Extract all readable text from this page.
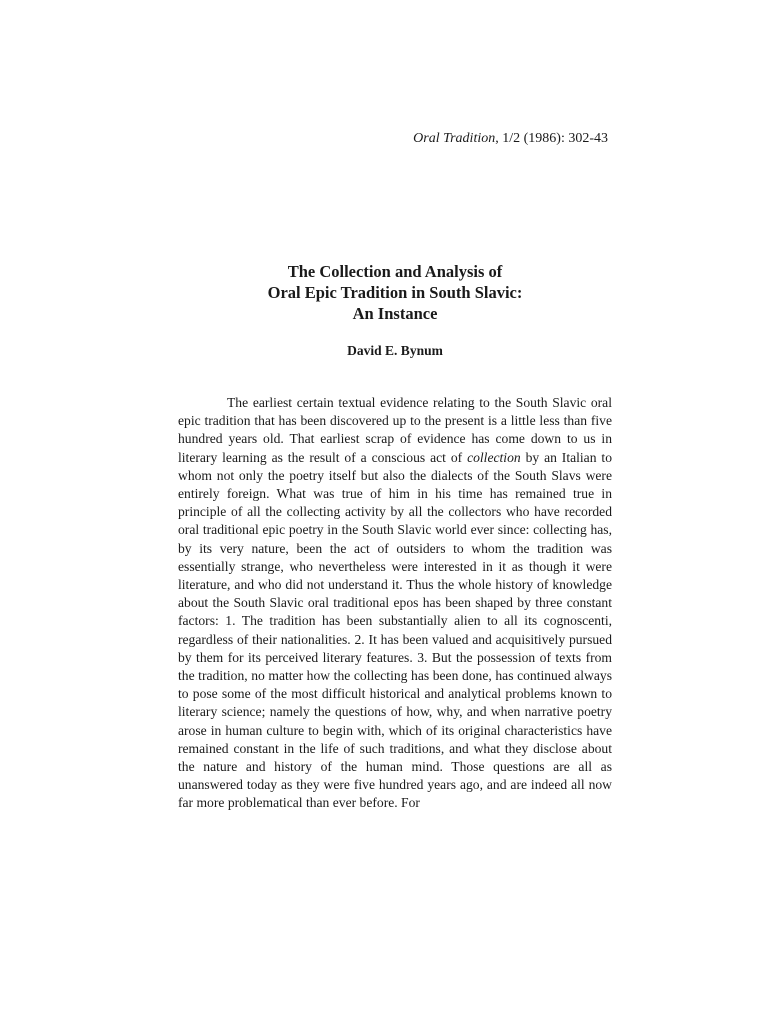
Oral Tradition, 1/2 (1986): 302-43
The Collection and Analysis of
Oral Epic Tradition in South Slavic:
An Instance
David E. Bynum

The earliest certain textual evidence relating to the South Slavic oral epic tradition that has been discovered up to the present is a little less than five hundred years old. That earliest scrap of evidence has come down to us in literary learning as the result of a conscious act of collection by an Italian to whom not only the poetry itself but also the dialects of the South Slavs were entirely foreign. What was true of him in his time has remained true in principle of all the collecting activity by all the collectors who have recorded oral traditional epic poetry in the South Slavic world ever since: collecting has, by its very nature, been the act of outsiders to whom the tradition was essentially strange, who nevertheless were interested in it as though it were literature, and who did not understand it. Thus the whole history of knowledge about the South Slavic oral traditional epos has been shaped by three constant factors: 1. The tradition has been substantially alien to all its cognoscenti, regardless of their nationalities. 2. It has been valued and acquisitively pursued by them for its perceived literary features. 3. But the possession of texts from the tradition, no matter how the collecting has been done, has continued always to pose some of the most difficult historical and analytical problems known to literary science; namely the questions of how, why, and when narrative poetry arose in human culture to begin with, which of its original characteristics have remained constant in the life of such traditions, and what they disclose about the nature and history of the human mind. Those questions are all as unanswered today as they were five hundred years ago, and are indeed all now far more problematical than ever before. For
